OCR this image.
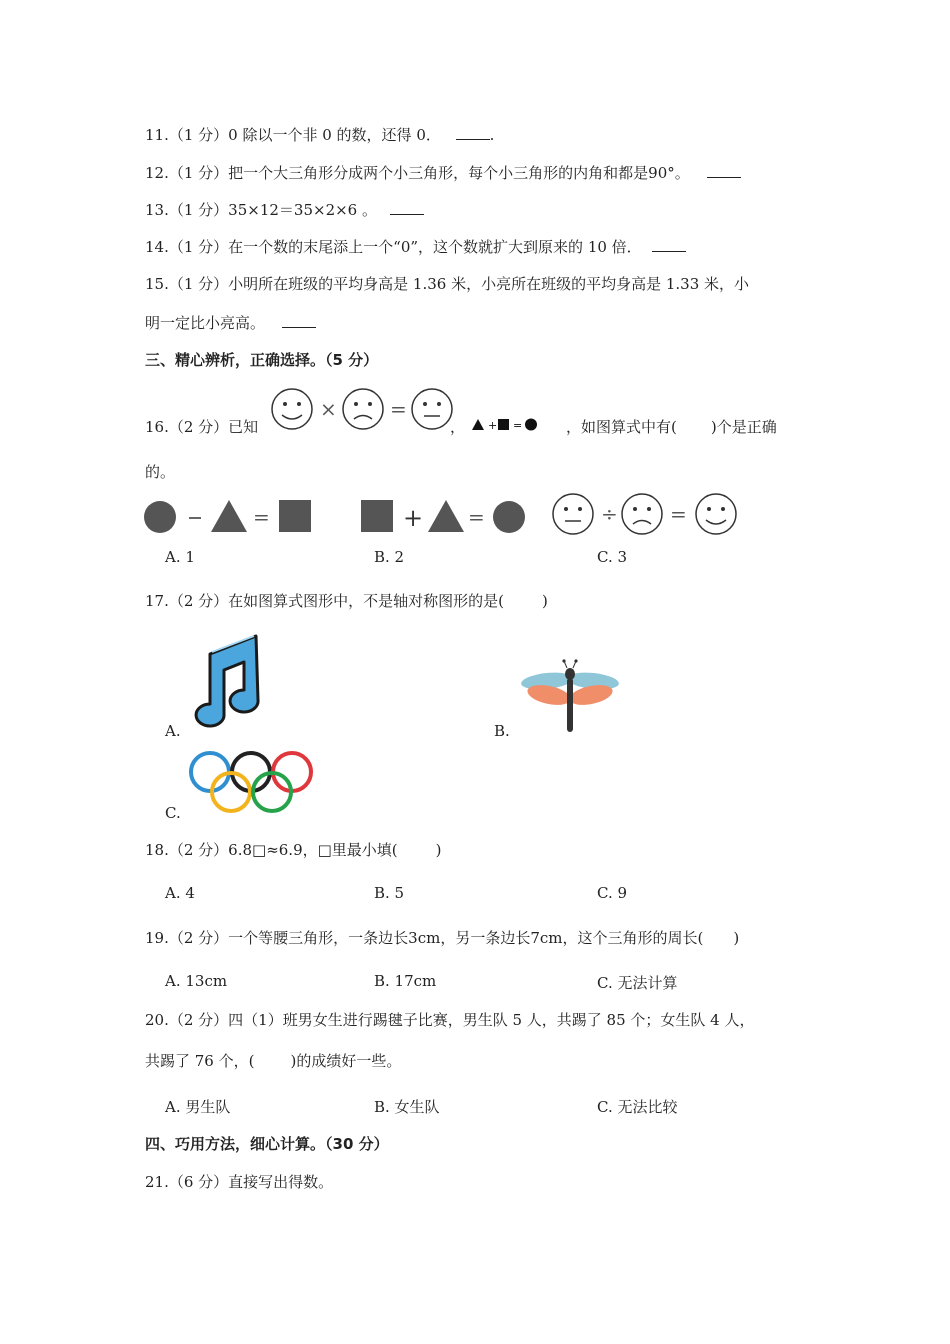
11.（1 分）0 除以一个非 0 的数，还得 0．	.
12.（1 分）把一个大三角形分成两个小三角形，每个小三角形的内角和都是90°。
13.（1 分）35×12＝35×2×6 。
14.（1 分）在一个数的末尾添上一个“0”，这个数就扩大到原来的 10 倍．
15.（1 分）小明所在班级的平均身高是 1.36 米，小亮所在班级的平均身高是 1.33 米，小
明一定比小亮高。
三、精心辨析，正确选择。（5 分）
16.（2 分）已知
×	=
+ =
，	，如图算式中有( )个是正确
的。
=	+ =	÷	=
A. 1	B. 2	C. 3
17.（2 分）在如图算式图形中，不是轴对称图形的是(	)
A.	B.
C.
18.（2 分）6.8□≈6.9，□里最小填(	)
A. 4	B. 5	C. 9
19.（2 分）一个等腰三角形，一条边长3cm，另一条边长7cm，这个三角形的周长( )
A. 13cm	B. 17cm	C. 无法计算
20.（2 分）四（1）班男女生进行踢毽子比赛，男生队 5 人，共踢了 85 个；女生队 4 人，
共踢了 76 个，( )的成绩好一些。
A. 男生队	B. 女生队	C. 无法比较
四、巧用方法，细心计算。（30 分）
21.（6 分）直接写出得数。
